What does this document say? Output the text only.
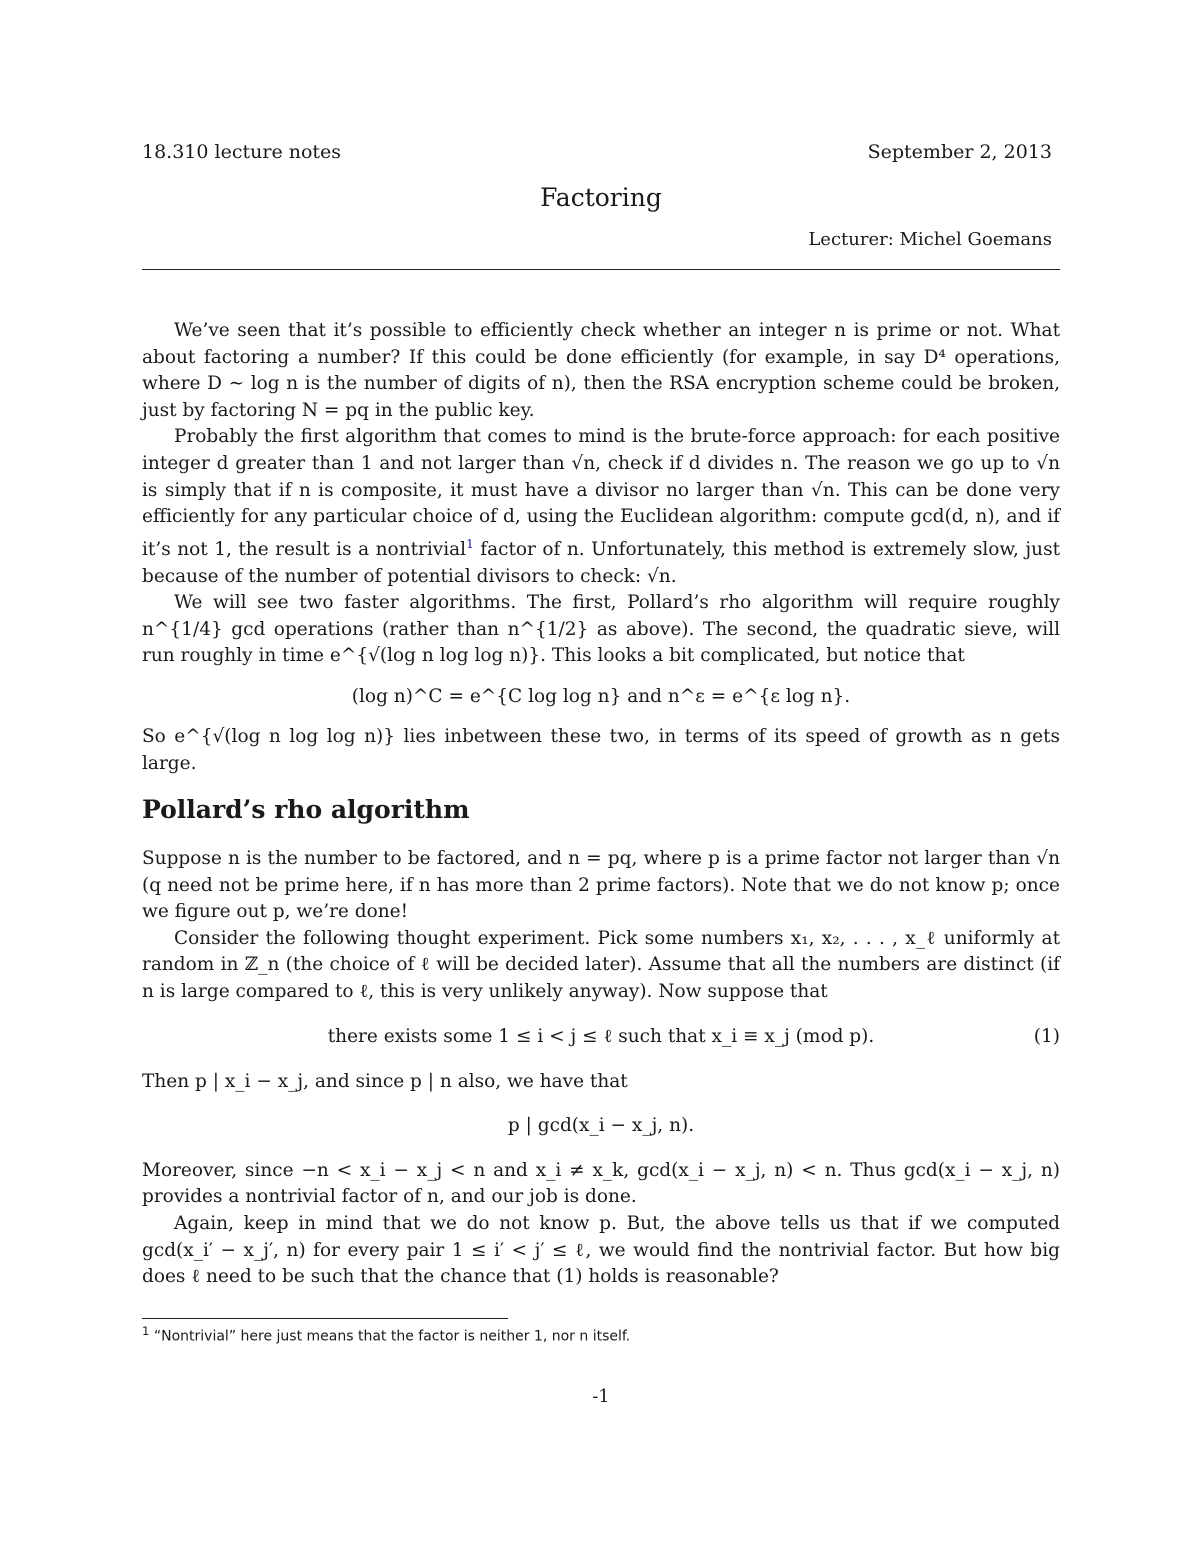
18.310 lecture notes	September 2, 2013
Factoring
Lecturer: Michel Goemans

We’ve seen that it’s possible to efficiently check whether an integer n is prime or not. What about factoring a number? If this could be done efficiently (for example, in say D⁴ operations, where D ∼ log n is the number of digits of n), then the RSA encryption scheme could be broken, just by factoring N = pq in the public key.

Probably the first algorithm that comes to mind is the brute-force approach: for each positive integer d greater than 1 and not larger than √n, check if d divides n. The reason we go up to √n is simply that if n is composite, it must have a divisor no larger than √n. This can be done very efficiently for any particular choice of d, using the Euclidean algorithm: compute gcd(d, n), and if it’s not 1, the result is a nontrivial$^1$ factor of n. Unfortunately, this method is extremely slow, just because of the number of potential divisors to check: √n.

We will see two faster algorithms. The first, Pollard’s rho algorithm will require roughly n^{1/4} gcd operations (rather than n^{1/2} as above). The second, the quadratic sieve, will run roughly in time e^{√(log n log log n)}. This looks a bit complicated, but notice that

(log n)^C = e^{C log log n} and n^ε = e^{ε log n}.

So e^{√(log n log log n)} lies inbetween these two, in terms of its speed of growth as n gets large.

Pollard’s rho algorithm

Suppose n is the number to be factored, and n = pq, where p is a prime factor not larger than √n (q need not be prime here, if n has more than 2 prime factors). Note that we do not know p; once we figure out p, we’re done!

Consider the following thought experiment. Pick some numbers x₁, x₂, . . . , x_ℓ uniformly at random in ℤ_n (the choice of ℓ will be decided later). Assume that all the numbers are distinct (if n is large compared to ℓ, this is very unlikely anyway). Now suppose that

there exists some 1 ≤ i < j ≤ ℓ such that x_i ≡ x_j (mod p).	(1)

Then p | x_i − x_j, and since p | n also, we have that

p | gcd(x_i − x_j, n).

Moreover, since −n < x_i − x_j < n and x_i ≠ x_k, gcd(x_i − x_j, n) < n. Thus gcd(x_i − x_j, n) provides a nontrivial factor of n, and our job is done.

Again, keep in mind that we do not know p. But, the above tells us that if we computed gcd(x_i′ − x_j′, n) for every pair 1 ≤ i′ < j′ ≤ ℓ, we would find the nontrivial factor. But how big does ℓ need to be such that the chance that (1) holds is reasonable?

$^1$ “Nontrivial” here just means that the factor is neither 1, nor n itself.
-1
